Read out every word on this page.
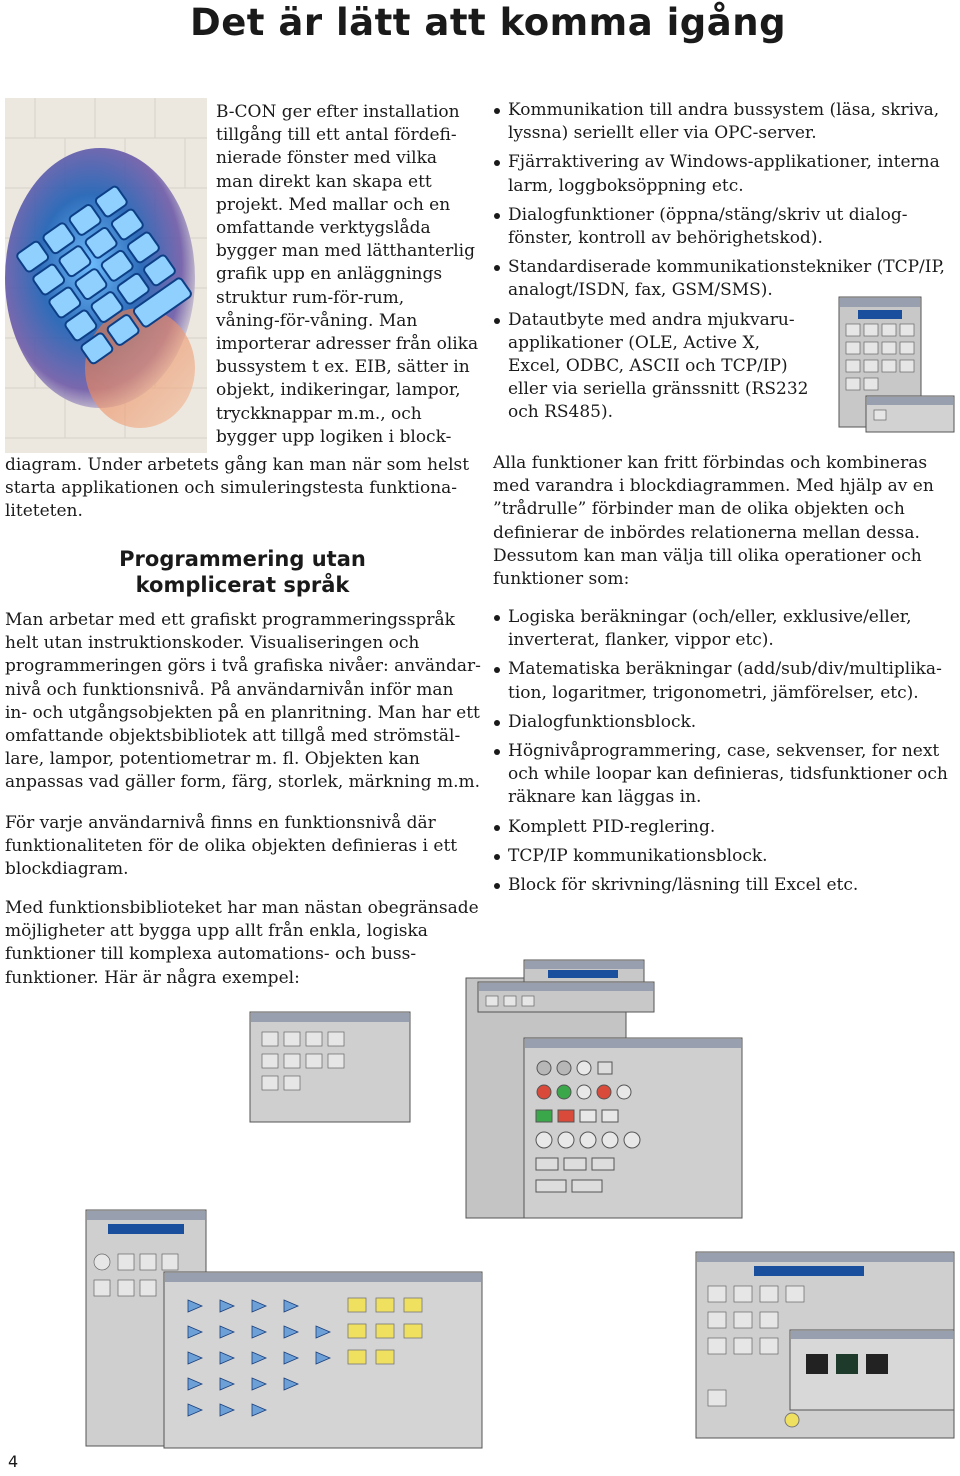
Det är lätt att komma igång
B-CON ger efter installation
tillgång till ett antal fördefi-
nierade fönster med vilka
man direkt kan skapa ett
projekt. Med mallar och en
omfattande verktygslåda
bygger man med lätthanterlig
grafik upp en anläggnings
struktur rum-för-rum,
våning-för-våning. Man
importerar adresser från olika
bussystem t ex. EIB, sätter in
objekt, indikeringar, lampor,
tryckknappar m.m., och
bygger upp logiken i block-
diagram. Under arbetets gång kan man när som helst
starta applikationen och simuleringstesta funktiona-
liteteten.
Programmering utan
komplicerat språk
Man arbetar med ett grafiskt programmeringsspråk
helt utan instruktionskoder. Visualiseringen och
programmeringen görs i två grafiska nivåer: användar-
nivå och funktionsnivå. På användarnivån inför man
in- och utgångsobjekten på en planritning. Man har ett
omfattande objektsbibliotek att tillgå med strömstäl-
lare, lampor, potentiometrar m. fl. Objekten kan
anpassas vad gäller form, färg, storlek, märkning m.m.
För varje användarnivå finns en funktionsnivå där
funktionaliteten för de olika objekten definieras i ett
blockdiagram.
Med funktionsbiblioteket har man nästan obegränsade
möjligheter att bygga upp allt från enkla, logiska
funktioner till komplexa automations- och buss-
funktioner. Här är några exempel:
Kommunikation till andra bussystem (läsa, skriva,
lyssna) seriellt eller via OPC-server.
Fjärraktivering av Windows-applikationer, interna
larm, loggboksöppning etc.
Dialogfunktioner (öppna/stäng/skriv ut dialog-
fönster, kontroll av behörighetskod).
Standardiserade kommunikationstekniker (TCP/IP,
analogt/ISDN, fax, GSM/SMS).
Datautbyte med andra mjukvaru-
applikationer (OLE, Active X,
Excel, ODBC, ASCII och TCP/IP)
eller via seriella gränssnitt (RS232
och RS485).
Alla funktioner kan fritt förbindas och kombineras
med varandra i blockdiagrammen. Med hjälp av en
”trådrulle” förbinder man de olika objekten och
definierar de inbördes relationerna mellan dessa.
Dessutom kan man välja till olika operationer och
funktioner som:
Logiska beräkningar (och/eller, exklusive/eller,
inverterat, flanker, vippor etc).
Matematiska beräkningar (add/sub/div/multiplika-
tion, logaritmer, trigonometri, jämförelser, etc).
Dialogfunktionsblock.
Högnivåprogrammering, case, sekvenser, for next
och while loopar kan definieras, tidsfunktioner och
räknare kan läggas in.
Komplett PID-reglering.
TCP/IP kommunikationsblock.
Block för skrivning/läsning till Excel etc.
4
